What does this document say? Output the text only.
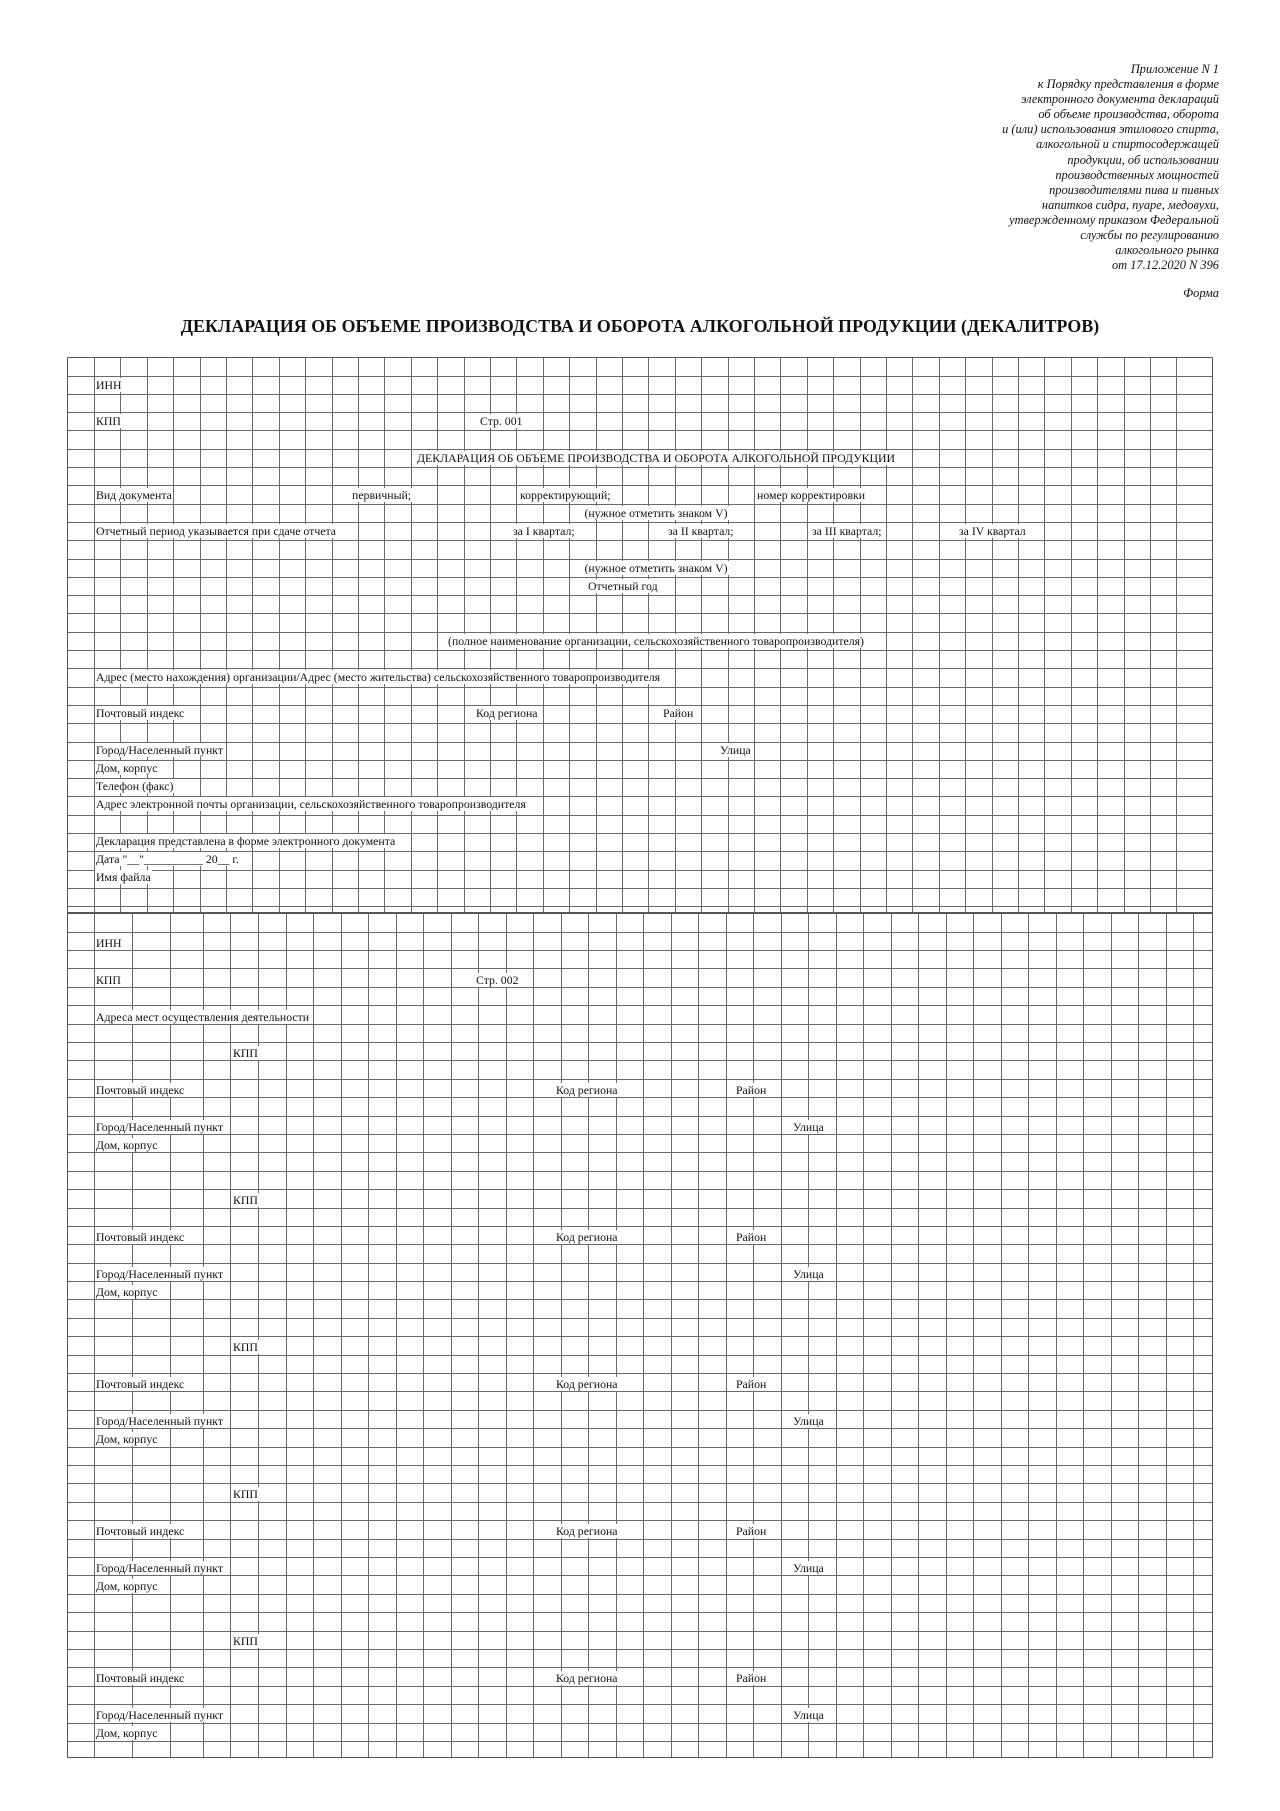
Приложение N 1
к Порядку представления в форме
электронного документа деклараций
об объеме производства, оборота
и (или) использования этилового спирта,
алкогольной и спиртосодержащей
продукции, об использовании
производственных мощностей
производителями пива и пивных
напитков сидра, пуаре, медовухи,
утвержденному приказом Федеральной
службы по регулированию
алкогольного рынка
от 17.12.2020 N 396
Форма
ДЕКЛАРАЦИЯ ОБ ОБЪЕМЕ ПРОИЗВОДСТВА И ОБОРОТА АЛКОГОЛЬНОЙ ПРОДУКЦИИ (ДЕКАЛИТРОВ)
ИНН
КПП	Стр. 001
ДЕКЛАРАЦИЯ ОБ ОБЪЕМЕ ПРОИЗВОДСТВА И ОБОРОТА АЛКОГОЛЬНОЙ ПРОДУКЦИИ
Вид документа	первичный;	корректирующий;	номер корректировки
(нужное отметить знаком V)
Отчетный период указывается при сдаче отчета	за I квартал;	за II квартал;	за III квартал;	за IV квартал
(нужное отметить знаком V)
Отчетный год
(полное наименование организации, сельскохозяйственного товаропроизводителя)
Адрес (место нахождения) организации/Адрес (место жительства) сельскохозяйственного товаропроизводителя
Почтовый индекс	Код региона	Район
Город/Населенный пункт	Улица
Дом, корпус
Телефон (факс)
Адрес электронной почты организации, сельскохозяйственного товаропроизводителя
Декларация представлена в форме электронного документа
Дата "__"__________ 20__ г.
Имя файла
ИНН
КПП	Стр. 002
Адреса мест осуществления деятельности
КПП
Почтовый индекс	Код региона	Район
Город/Населенный пункт	Улица
Дом, корпус
КПП
Почтовый индекс	Код региона	Район
Город/Населенный пункт	Улица
Дом, корпус
КПП
Почтовый индекс	Код региона	Район
Город/Населенный пункт	Улица
Дом, корпус
КПП
Почтовый индекс	Код региона	Район
Город/Населенный пункт	Улица
Дом, корпус
КПП
Почтовый индекс	Код региона	Район
Город/Населенный пункт	Улица
Дом, корпус
